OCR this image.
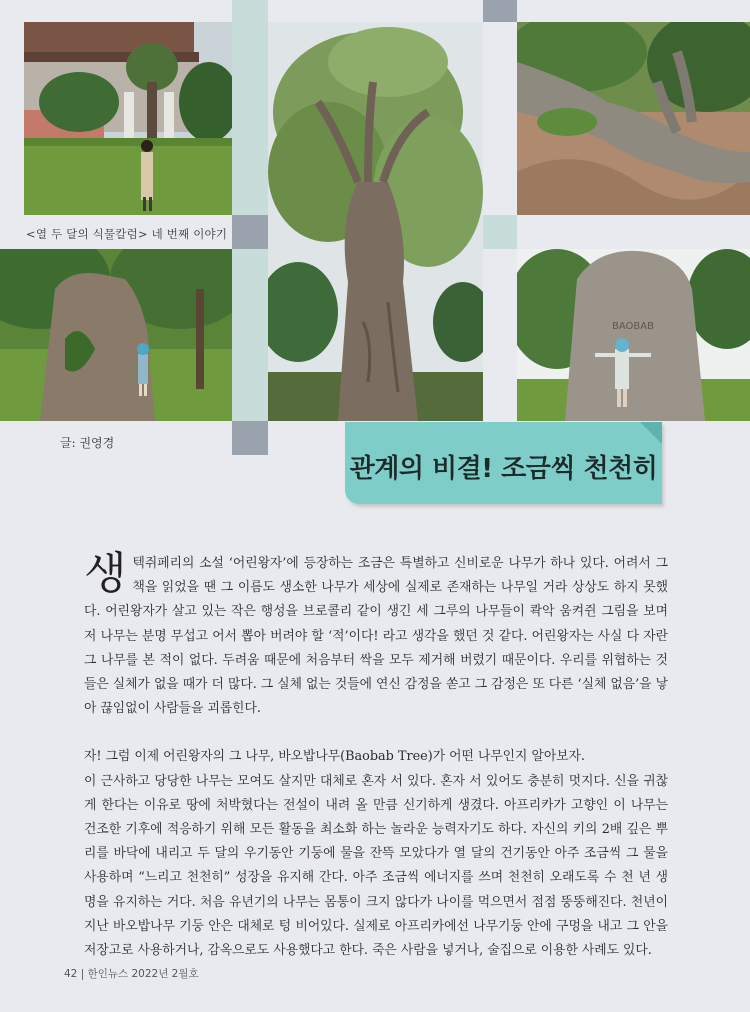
<열 두 달의 식물칼럼> 네 번째 이야기
BAOBAB
글: 권영경
관계의 비결! 조금씩 천천히
생텍쥐페리의 소설 ‘어린왕자’에 등장하는 조금은 특별하고 신비로운 나무가 하나 있다. 어려서 그 책을 읽었을 땐 그 이름도 생소한 나무가 세상에 실제로 존재하는 나무일 거라 상상도 하지 못했다. 어린왕자가 살고 있는 작은 행성을 브로콜리 같이 생긴 세 그루의 나무들이 콱악 움켜쥔 그림을 보며 저 나무는 분명 무섭고 어서 뽑아 버려야 할 ‘적’이다! 라고 생각을 했던 것 같다. 어린왕자는 사실 다 자란 그 나무를 본 적이 없다. 두려움 때문에 처음부터 싹을 모두 제거해 버렸기 때문이다. 우리를 위협하는 것들은 실체가 없을 때가 더 많다. 그 실체 없는 것들에 연신 감정을 쏟고 그 감정은 또 다른 ‘실체 없음’을 낳아 끊임없이 사람들을 괴롭힌다.

자! 그럼 이제 어린왕자의 그 나무, 바오밥나무(Baobab Tree)가 어떤 나무인지 알아보자.

이 근사하고 당당한 나무는 모여도 살지만 대체로 혼자 서 있다. 혼자 서 있어도 충분히 멋지다. 신을 귀찮게 한다는 이유로 땅에 처박혔다는 전설이 내려 올 만큼 신기하게 생겼다. 아프리카가 고향인 이 나무는 건조한 기후에 적응하기 위해 모든 활동을 최소화 하는 놀라운 능력자기도 하다. 자신의 키의 2배 깊은 뿌리를 바닥에 내리고 두 달의 우기동안 기둥에 물을 잔뜩 모았다가 열 달의 건기동안 아주 조금씩 그 물을 사용하며 “느리고 천천히” 성장을 유지해 간다. 아주 조금씩 에너지를 쓰며 천천히 오래도록 수 천 년 생명을 유지하는 거다. 처음 유년기의 나무는 몸통이 크지 않다가 나이를 먹으면서 점점 뚱뚱해진다. 천년이 지난 바오밥나무 기둥 안은 대체로 텅 비어있다. 실제로 아프리카에선 나무기둥 안에 구멍을 내고 그 안을 저장고로 사용하거나, 감옥으로도 사용했다고 한다. 죽은 사람을 넣거나, 술집으로 이용한 사례도 있다.

42 | 한인뉴스 2022년 2월호
